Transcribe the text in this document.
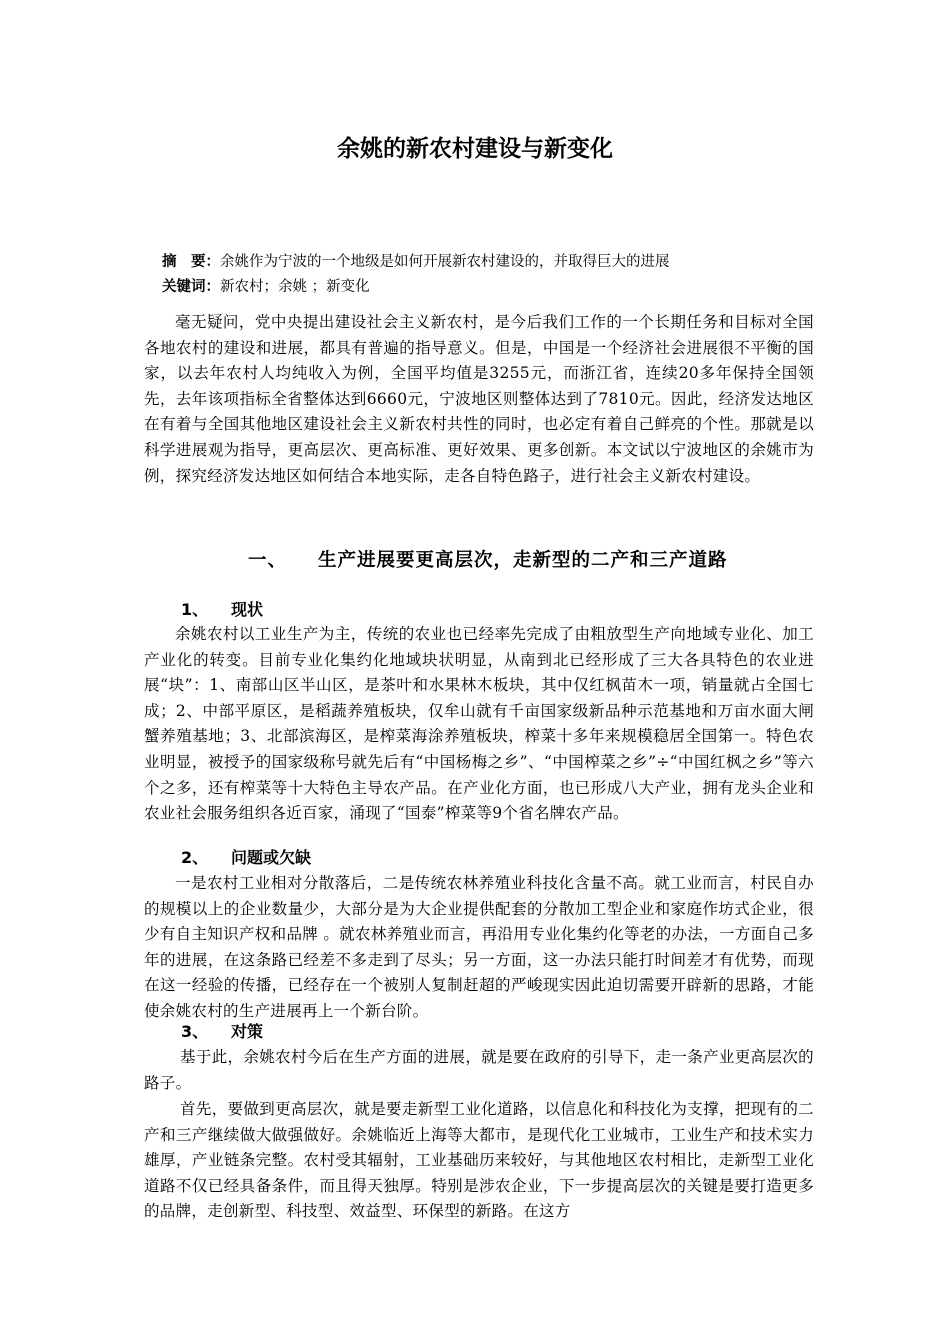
余姚的新农村建设与新变化
摘　要：余姚作为宁波的一个地级是如何开展新农村建设的，并取得巨大的进展
关键词：新农村；余姚 ；新变化

毫无疑问，党中央提出建设社会主义新农村，是今后我们工作的一个长期任务和目标对全国各地农村的建设和进展，都具有普遍的指导意义。但是，中国是一个经济社会进展很不平衡的国家，以去年农村人均纯收入为例，全国平均值是3255元，而浙江省，连续20多年保持全国领先，去年该项指标全省整体达到6660元，宁波地区则整体达到了7810元。因此，经济发达地区在有着与全国其他地区建设社会主义新农村共性的同时，也必定有着自己鲜亮的个性。那就是以科学进展观为指导，更高层次、更高标准、更好效果、更多创新。本文试以宁波地区的余姚市为例，探究经济发达地区如何结合本地实际，走各自特色路子，进行社会主义新农村建设。

一、 生产进展要更高层次，走新型的二产和三产道路
1、 现状

余姚农村以工业生产为主，传统的农业也已经率先完成了由粗放型生产向地域专业化、加工产业化的转变。目前专业化集约化地域块状明显，从南到北已经形成了三大各具特色的农业进展“块”：1、南部山区半山区，是茶叶和水果林木板块，其中仅红枫苗木一项，销量就占全国七成；2、中部平原区，是稻蔬养殖板块，仅牟山就有千亩国家级新品种示范基地和万亩水面大闸蟹养殖基地；3、北部滨海区，是榨菜海涂养殖板块，榨菜十多年来规模稳居全国第一。特色农业明显，被授予的国家级称号就先后有“中国杨梅之乡”、“中国榨菜之乡”÷“中国红枫之乡”等六个之多，还有榨菜等十大特色主导农产品。在产业化方面，也已形成八大产业，拥有龙头企业和农业社会服务组织各近百家，涌现了“国泰”榨菜等9个省名牌农产品。

2、 问题或欠缺

一是农村工业相对分散落后，二是传统农林养殖业科技化含量不高。就工业而言，村民自办的规模以上的企业数量少，大部分是为大企业提供配套的分散加工型企业和家庭作坊式企业，很少有自主知识产权和品牌 。就农林养殖业而言，再沿用专业化集约化等老的办法，一方面自己多年的进展，在这条路已经差不多走到了尽头；另一方面，这一办法只能打时间差才有优势，而现在这一经验的传播，已经存在一个被别人复制赶超的严峻现实因此迫切需要开辟新的思路，才能使余姚农村的生产进展再上一个新台阶。

3、 对策

基于此，余姚农村今后在生产方面的进展，就是要在政府的引导下，走一条产业更高层次的路子。

首先，要做到更高层次，就是要走新型工业化道路，以信息化和科技化为支撑，把现有的二产和三产继续做大做强做好。余姚临近上海等大都市，是现代化工业城市，工业生产和技术实力雄厚，产业链条完整。农村受其辐射，工业基础历来较好，与其他地区农村相比，走新型工业化道路不仅已经具备条件，而且得天独厚。特别是涉农企业，下一步提高层次的关键是要打造更多的品牌，走创新型、科技型、效益型、环保型的新路。在这方
